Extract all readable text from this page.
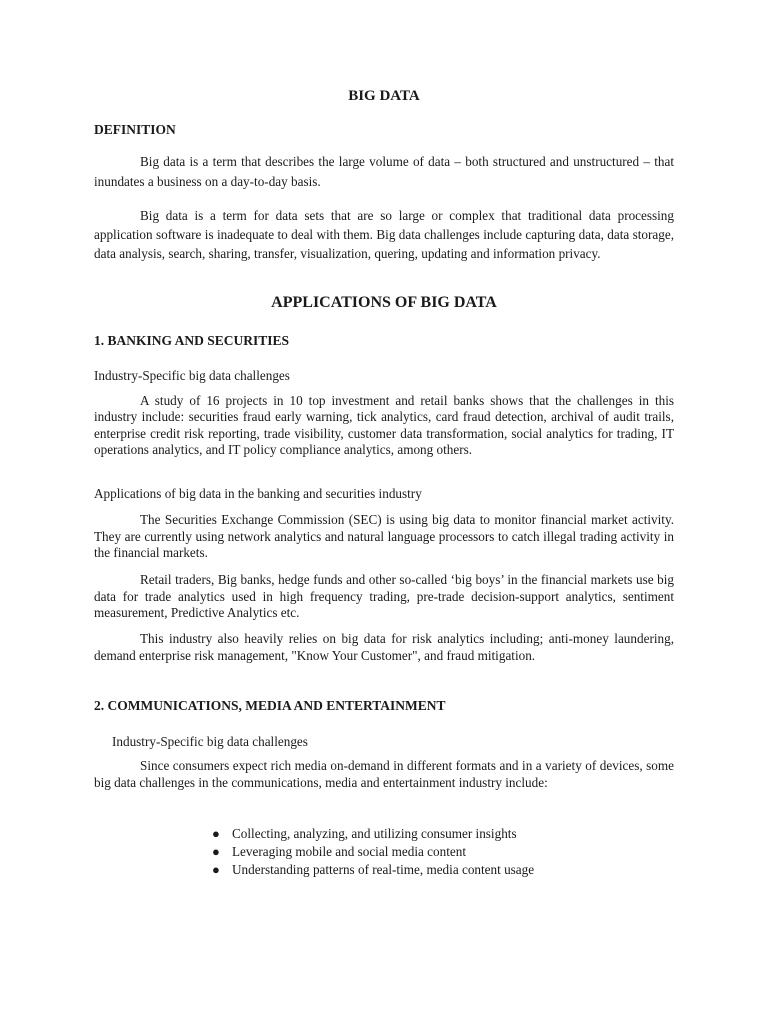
BIG DATA
DEFINITION

Big data is a term that describes the large volume of data – both structured and unstructured – that inundates a business on a day-to-day basis.

Big data is a term for data sets that are so large or complex that traditional data processing application software is inadequate to deal with them. Big data challenges include capturing data, data storage, data analysis, search, sharing, transfer, visualization, quering, updating and information privacy.

APPLICATIONS OF BIG DATA
1. BANKING AND SECURITIES
Industry-Specific big data challenges

A study of 16 projects in 10 top investment and retail banks shows that the challenges in this industry include: securities fraud early warning, tick analytics, card fraud detection, archival of audit trails, enterprise credit risk reporting, trade visibility, customer data transformation, social analytics for trading, IT operations analytics, and IT policy compliance analytics, among others.

Applications of big data in the banking and securities industry

The Securities Exchange Commission (SEC) is using big data to monitor financial market activity. They are currently using network analytics and natural language processors to catch illegal trading activity in the financial markets.

Retail traders, Big banks, hedge funds and other so-called ‘big boys’ in the financial markets use big data for trade analytics used in high frequency trading, pre-trade decision-support analytics, sentiment measurement, Predictive Analytics etc.

This industry also heavily relies on big data for risk analytics including; anti-money laundering, demand enterprise risk management, "Know Your Customer", and fraud mitigation.

2. COMMUNICATIONS, MEDIA AND ENTERTAINMENT
Industry-Specific big data challenges

Since consumers expect rich media on-demand in different formats and in a variety of devices, some big data challenges in the communications, media and entertainment industry include:

● Collecting, analyzing, and utilizing consumer insights
● Leveraging mobile and social media content
● Understanding patterns of real-time, media content usage
